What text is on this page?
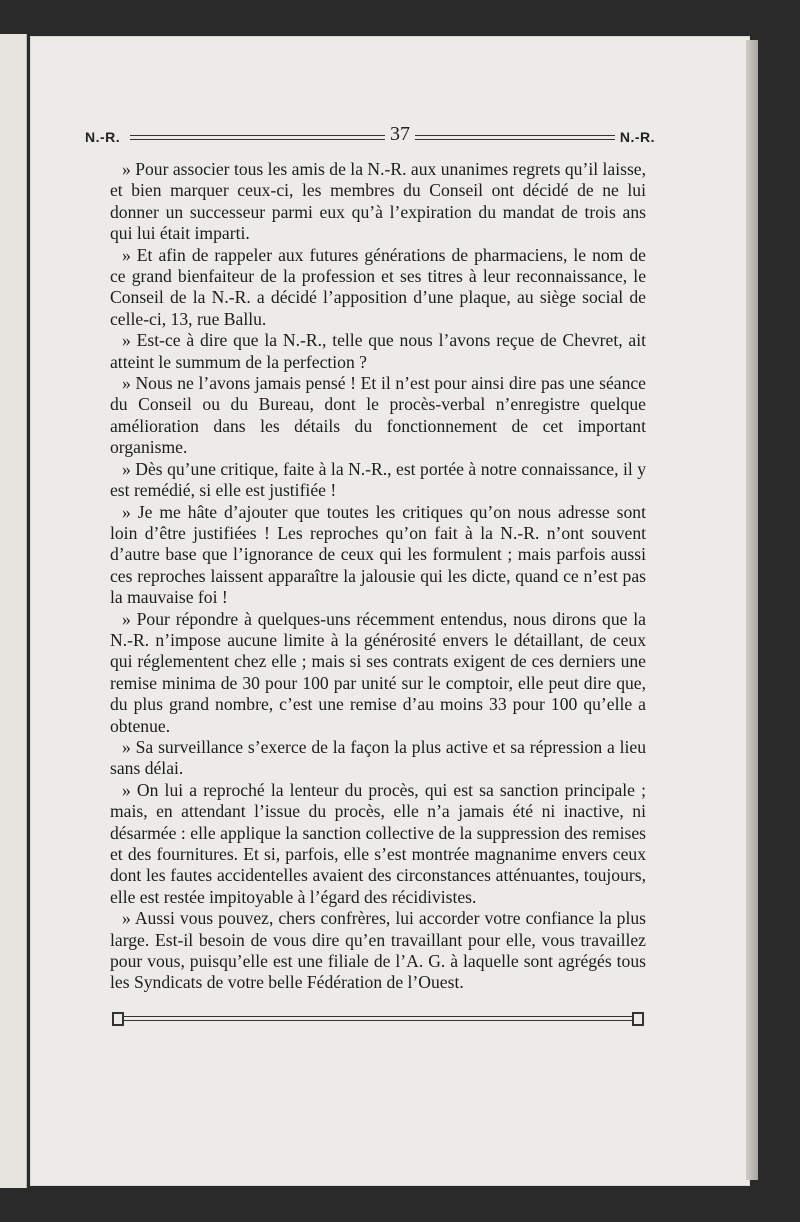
N.-R.	37	N.-R.

» Pour associer tous les amis de la N.-R. aux unanimes regrets qu’il laisse, et bien marquer ceux-ci, les membres du Conseil ont décidé de ne lui donner un successeur parmi eux qu’à l’expiration du mandat de trois ans qui lui était imparti.

» Et afin de rappeler aux futures générations de pharmaciens, le nom de ce grand bienfaiteur de la profession et ses titres à leur reconnaissance, le Conseil de la N.-R. a décidé l’apposition d’une plaque, au siège social de celle-ci, 13, rue Ballu.

» Est-ce à dire que la N.-R., telle que nous l’avons reçue de Chevret, ait atteint le summum de la perfection ?

» Nous ne l’avons jamais pensé ! Et il n’est pour ainsi dire pas une séance du Conseil ou du Bureau, dont le procès-verbal n’enregistre quelque amélioration dans les détails du fonctionnement de cet important organisme.

» Dès qu’une critique, faite à la N.-R., est portée à notre connaissance, il y est remédié, si elle est justifiée !

» Je me hâte d’ajouter que toutes les critiques qu’on nous adresse sont loin d’être justifiées ! Les reproches qu’on fait à la N.-R. n’ont souvent d’autre base que l’ignorance de ceux qui les formulent ; mais parfois aussi ces reproches laissent apparaître la jalousie qui les dicte, quand ce n’est pas la mauvaise foi !

» Pour répondre à quelques-uns récemment entendus, nous dirons que la N.-R. n’impose aucune limite à la générosité envers le détaillant, de ceux qui réglementent chez elle ; mais si ses contrats exigent de ces derniers une remise minima de 30 pour 100 par unité sur le comptoir, elle peut dire que, du plus grand nombre, c’est une remise d’au moins 33 pour 100 qu’elle a obtenue.

» Sa surveillance s’exerce de la façon la plus active et sa répression a lieu sans délai.

» On lui a reproché la lenteur du procès, qui est sa sanction principale ; mais, en attendant l’issue du procès, elle n’a jamais été ni inactive, ni désarmée : elle applique la sanction collective de la suppression des remises et des fournitures. Et si, parfois, elle s’est montrée magnanime envers ceux dont les fautes accidentelles avaient des circonstances atténuantes, toujours, elle est restée impitoyable à l’égard des récidivistes.

» Aussi vous pouvez, chers confrères, lui accorder votre confiance la plus large. Est-il besoin de vous dire qu’en travaillant pour elle, vous travaillez pour vous, puisqu’elle est une filiale de l’A. G. à laquelle sont agrégés tous les Syndicats de votre belle Fédération de l’Ouest.
